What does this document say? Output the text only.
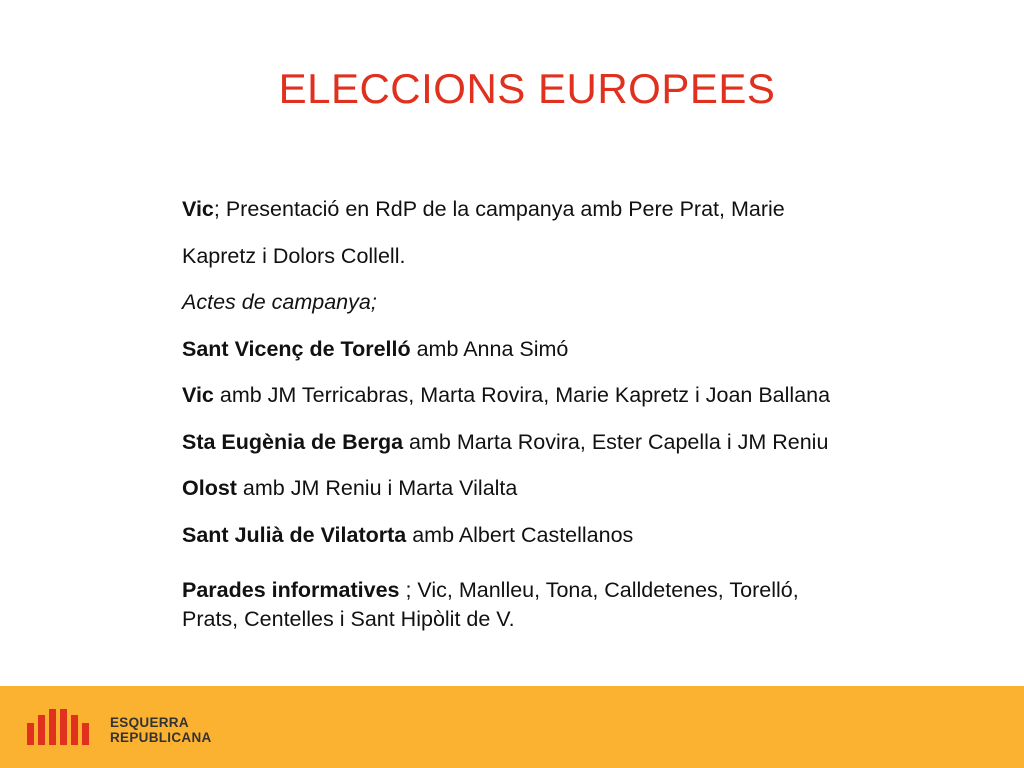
ELECCIONS EUROPEES
Vic; Presentació en RdP de la campanya amb Pere Prat, Marie
Kapretz i Dolors Collell.
Actes de campanya;
Sant Vicenç de Torelló amb Anna Simó
Vic amb JM Terricabras, Marta Rovira, Marie Kapretz i Joan Ballana
Sta Eugènia de Berga amb Marta Rovira, Ester Capella i JM Reniu
Olost amb JM Reniu i Marta Vilalta
Sant Julià de Vilatorta amb Albert Castellanos
Parades informatives ; Vic, Manlleu, Tona, Calldetenes, Torelló,
Prats, Centelles i Sant Hipòlit de V.
ESQUERRA
REPUBLICANA
